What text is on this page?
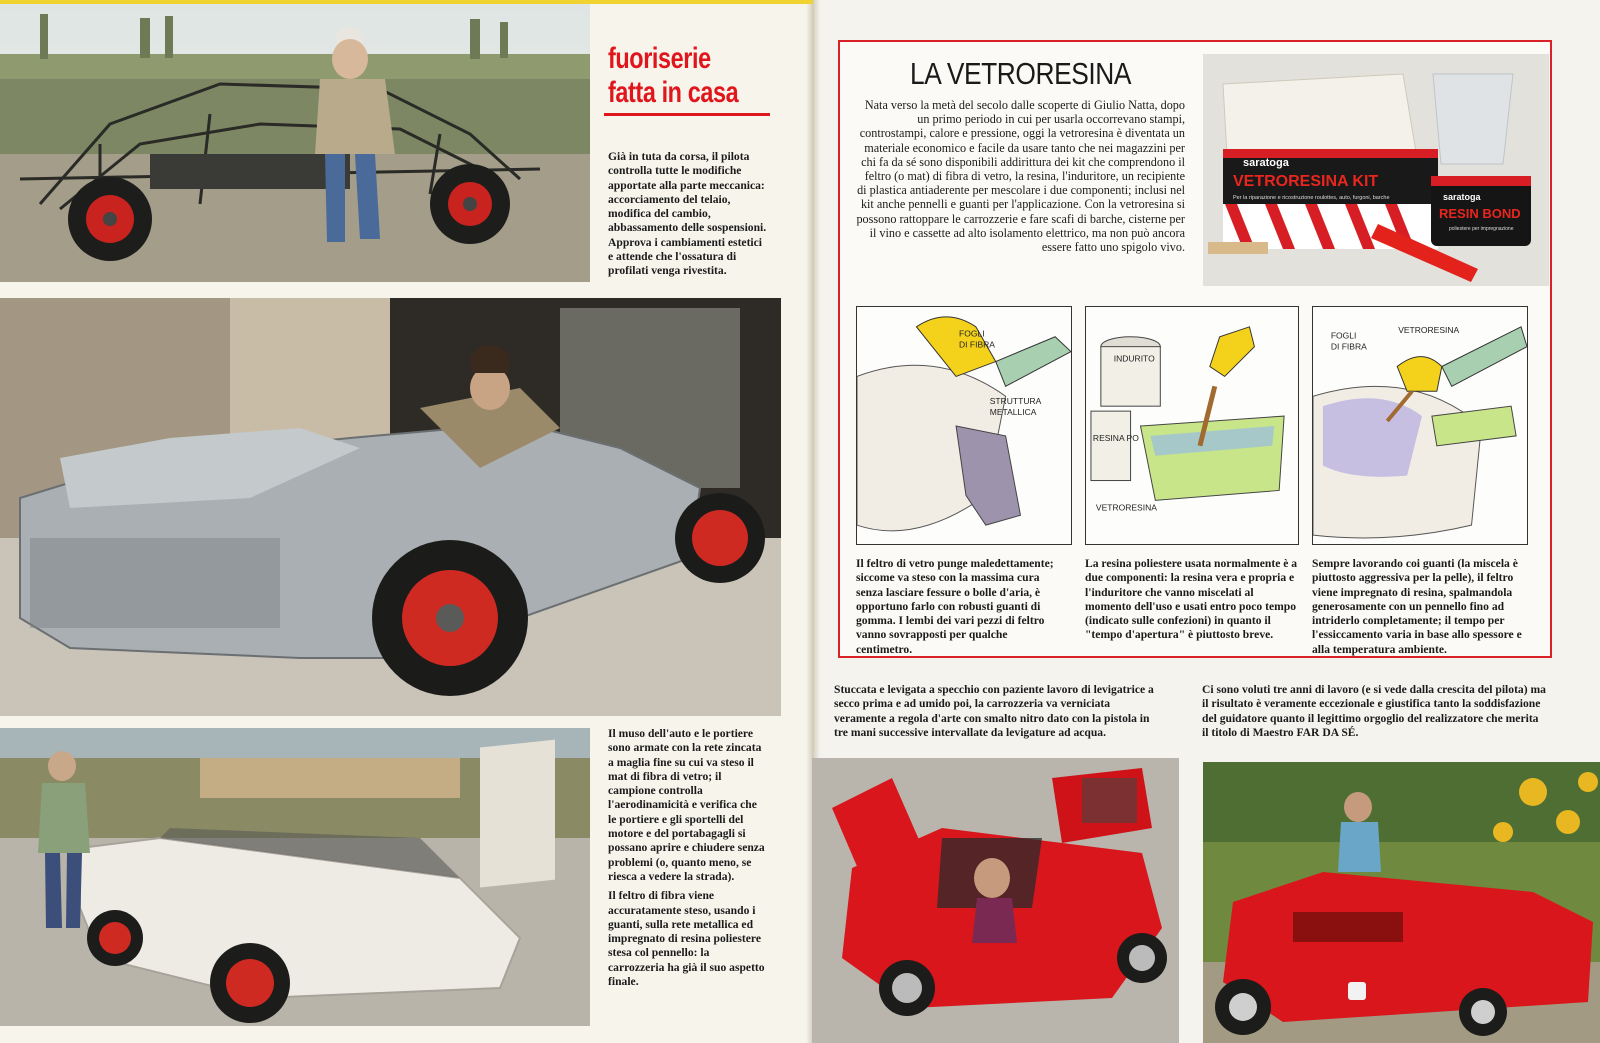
fuoriserie
fatta in casa
Già in tuta da corsa, il pilota controlla tutte le modifiche apportate alla parte meccanica: accorciamento del telaio, modifica del cambio, abbassamento delle sospensioni. Approva i cambiamenti estetici e attende che l'ossatura di profilati venga rivestita.

Il muso dell'auto e le portiere sono armate con la rete zincata a maglia fine su cui va steso il mat di fibra di vetro; il campione controlla l'aerodinamicità e verifica che le portiere e gli sportelli del motore e del portabagagli si possano aprire e chiudere senza problemi (o, quanto meno, se riesca a vedere la strada).

Il feltro di fibra viene accuratamente steso, usando i guanti, sulla rete metallica ed impregnato di resina poliestere stesa col pennello: la carrozzeria ha già il suo aspetto finale.

LA VETRORESINA
Nata verso la metà del secolo dalle scoperte di Giulio Natta, dopo un primo periodo in cui per usarla occorrevano stampi, controstampi, calore e pressione, oggi la vetroresina è diventata un materiale economico e facile da usare tanto che nei magazzini per chi fa da sé sono disponibili addirittura dei kit che comprendono il feltro (o mat) di fibra di vetro, la resina, l'induritore, un recipiente di plastica antiaderente per mescolare i due componenti; inclusi nel kit anche pennelli e guanti per l'applicazione. Con la vetroresina si possono rattoppare le carrozzerie e fare scafi di barche, cisterne per il vino e cassette ad alto isolamento elettrico, ma non può ancora essere fatto uno spigolo vivo.
saratoga
VETRORESINA KIT
Per la riparazione e ricostruzione roulottes, auto, furgoni, barche	saratoga
RESIN BOND
poliestere per impregnazione
FOGLI
DI FIBRA
STRUTTURA
METALLICA
INDURITO
RESINA PO
VETRORESINA
FOGLI
DI FIBRA
VETRORESINA
Il feltro di vetro punge maledettamente; siccome va steso con la massima cura senza lasciare fessure o bolle d'aria, è opportuno farlo con robusti guanti di gomma. I lembi dei vari pezzi di feltro vanno sovrapposti per qualche centimetro.
La resina poliestere usata normalmente è a due componenti: la resina vera e propria e l'induritore che vanno miscelati al momento dell'uso e usati entro poco tempo (indicato sulle confezioni) in quanto il "tempo d'apertura" è piuttosto breve.
Sempre lavorando coi guanti (la miscela è piuttosto aggressiva per la pelle), il feltro viene impregnato di resina, spalmandola generosamente con un pennello fino ad intriderlo completamente; il tempo per l'essiccamento varia in base allo spessore e alla temperatura ambiente.
Stuccata e levigata a specchio con paziente lavoro di levigatrice a secco prima e ad umido poi, la carrozzeria va verniciata veramente a regola d'arte con smalto nitro dato con la pistola in tre mani successive intervallate da levigature ad acqua.
Ci sono voluti tre anni di lavoro (e si vede dalla crescita del pilota) ma il risultato è veramente eccezionale e giustifica tanto la soddisfazione del guidatore quanto il legittimo orgoglio del realizzatore che merita il titolo di Maestro FAR DA SÉ.
